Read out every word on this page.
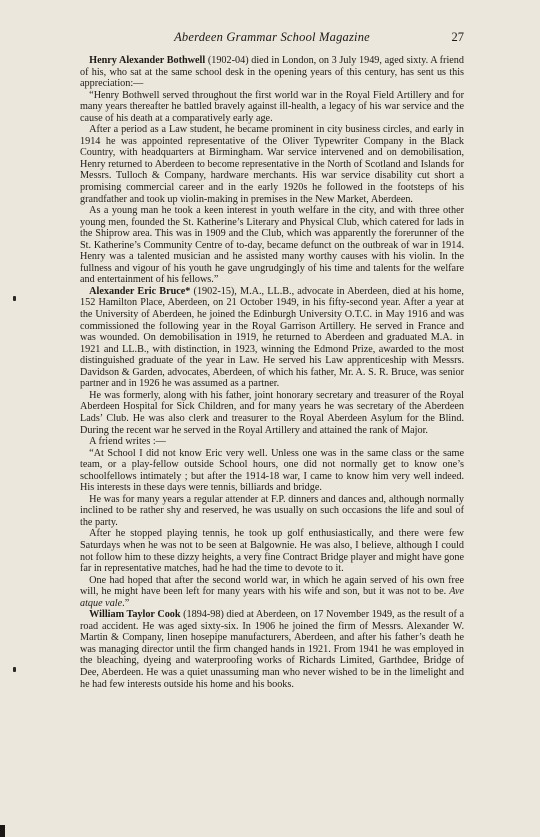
Aberdeen Grammar School Magazine	27

Henry Alexander Bothwell (1902-04) died in London, on 3 July 1949, aged sixty. A friend of his, who sat at the same school desk in the opening years of this century, has sent us this appreciation:—

“Henry Bothwell served throughout the first world war in the Royal Field Artillery and for many years thereafter he battled bravely against ill-health, a legacy of his war service and the cause of his death at a comparatively early age.

After a period as a Law student, he became prominent in city business circles, and early in 1914 he was appointed representative of the Oliver Typewriter Company in the Black Country, with headquarters at Birmingham. War service intervened and on demobilisation, Henry returned to Aberdeen to become representative in the North of Scotland and Islands for Messrs. Tulloch & Company, hardware merchants. His war service disability cut short a promising commercial career and in the early 1920s he followed in the footsteps of his grandfather and took up violin-making in premises in the New Market, Aberdeen.

As a young man he took a keen interest in youth welfare in the city, and with three other young men, founded the St. Katherine’s Literary and Physical Club, which catered for lads in the Shiprow area. This was in 1909 and the Club, which was apparently the forerunner of the St. Katherine’s Community Centre of to-day, became defunct on the outbreak of war in 1914. Henry was a talented musician and he assisted many worthy causes with his violin. In the fullness and vigour of his youth he gave ungrudgingly of his time and talents for the welfare and entertainment of his fellows.”

Alexander Eric Bruce* (1902-15), M.A., LL.B., advocate in Aberdeen, died at his home, 152 Hamilton Place, Aberdeen, on 21 October 1949, in his fifty-second year. After a year at the University of Aberdeen, he joined the Edinburgh University O.T.C. in May 1916 and was commissioned the following year in the Royal Garrison Artillery. He served in France and was wounded. On demobilisation in 1919, he returned to Aberdeen and graduated M.A. in 1921 and LL.B., with distinction, in 1923, winning the Edmond Prize, awarded to the most distinguished graduate of the year in Law. He served his Law apprenticeship with Messrs. Davidson & Garden, advocates, Aberdeen, of which his father, Mr. A. S. R. Bruce, was senior partner and in 1926 he was assumed as a partner.

He was formerly, along with his father, joint honorary secretary and treasurer of the Royal Aberdeen Hospital for Sick Children, and for many years he was secretary of the Aberdeen Lads’ Club. He was also clerk and treasurer to the Royal Aberdeen Asylum for the Blind. During the recent war he served in the Royal Artillery and attained the rank of Major.

A friend writes :—

“At School I did not know Eric very well. Unless one was in the same class or the same team, or a play-fellow outside School hours, one did not normally get to know one’s schoolfellows intimately ; but after the 1914-18 war, I came to know him very well indeed. His interests in these days were tennis, billiards and bridge.

He was for many years a regular attender at F.P. dinners and dances and, although normally inclined to be rather shy and reserved, he was usually on such occasions the life and soul of the party.

After he stopped playing tennis, he took up golf enthusiastically, and there were few Saturdays when he was not to be seen at Balgownie. He was also, I believe, although I could not follow him to these dizzy heights, a very fine Contract Bridge player and might have gone far in representative matches, had he had the time to devote to it.

One had hoped that after the second world war, in which he again served of his own free will, he might have been left for many years with his wife and son, but it was not to be. Ave atque vale.”

William Taylor Cook (1894-98) died at Aberdeen, on 17 November 1949, as the result of a road accident. He was aged sixty-six. In 1906 he joined the firm of Messrs. Alexander W. Martin & Company, linen hosepipe manufacturers, Aberdeen, and after his father’s death he was managing director until the firm changed hands in 1921. From 1941 he was employed in the bleaching, dyeing and waterproofing works of Richards Limited, Garthdee, Bridge of Dee, Aberdeen. He was a quiet unassuming man who never wished to be in the limelight and he had few interests outside his home and his books.
